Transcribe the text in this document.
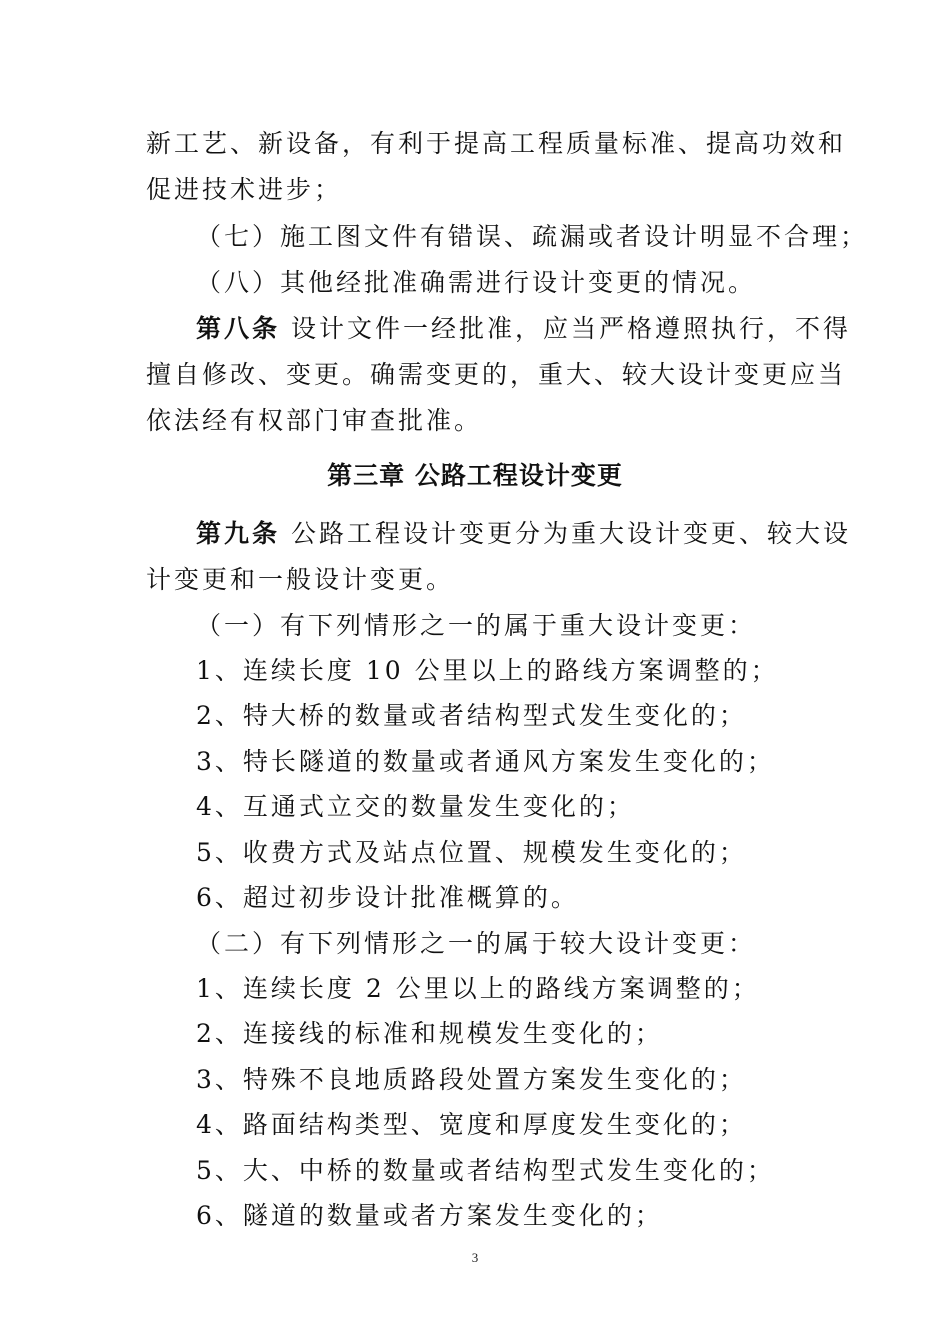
新工艺、新设备，有利于提高工程质量标准、提高功效和
促进技术进步；
（七）施工图文件有错误、疏漏或者设计明显不合理；
（八）其他经批准确需进行设计变更的情况。
第八条 设计文件一经批准，应当严格遵照执行，不得
擅自修改、变更。确需变更的，重大、较大设计变更应当
依法经有权部门审查批准。
第三章 公路工程设计变更
第九条 公路工程设计变更分为重大设计变更、较大设
计变更和一般设计变更。
（一）有下列情形之一的属于重大设计变更：
1、连续长度 10 公里以上的路线方案调整的；
2、特大桥的数量或者结构型式发生变化的；
3、特长隧道的数量或者通风方案发生变化的；
4、互通式立交的数量发生变化的；
5、收费方式及站点位置、规模发生变化的；
6、超过初步设计批准概算的。
（二）有下列情形之一的属于较大设计变更：
1、连续长度 2 公里以上的路线方案调整的；
2、连接线的标准和规模发生变化的；
3、特殊不良地质路段处置方案发生变化的；
4、路面结构类型、宽度和厚度发生变化的；
5、大、中桥的数量或者结构型式发生变化的；
6、隧道的数量或者方案发生变化的；
3
